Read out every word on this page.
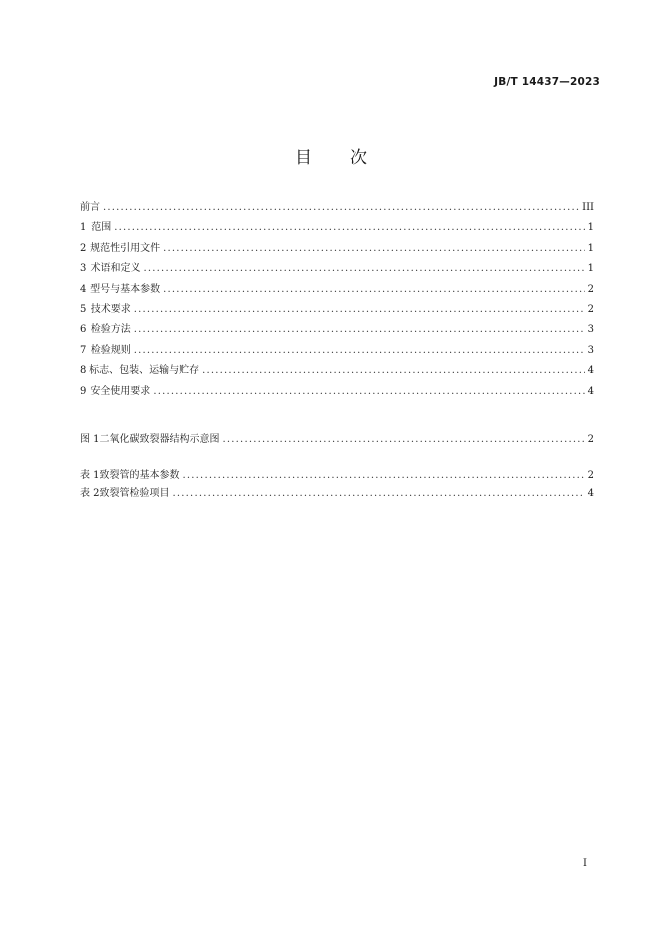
JB/T 14437—2023
目次
前言 .....	III
1 范围 .....	1
2 规范性引用文件 .....	1
3 术语和定义 .....	1
4 型号与基本参数 .....	2
5 技术要求 .....	2
6 检验方法 .....	3
7 检验规则 .....	3
8 标志、包装、运输与贮存 .....	4
9 安全使用要求 .....	4
图 1 二氧化碳致裂器结构示意图 .....	2
表 1 致裂管的基本参数 .....	2
表 2 致裂管检验项目 .....	4
I
